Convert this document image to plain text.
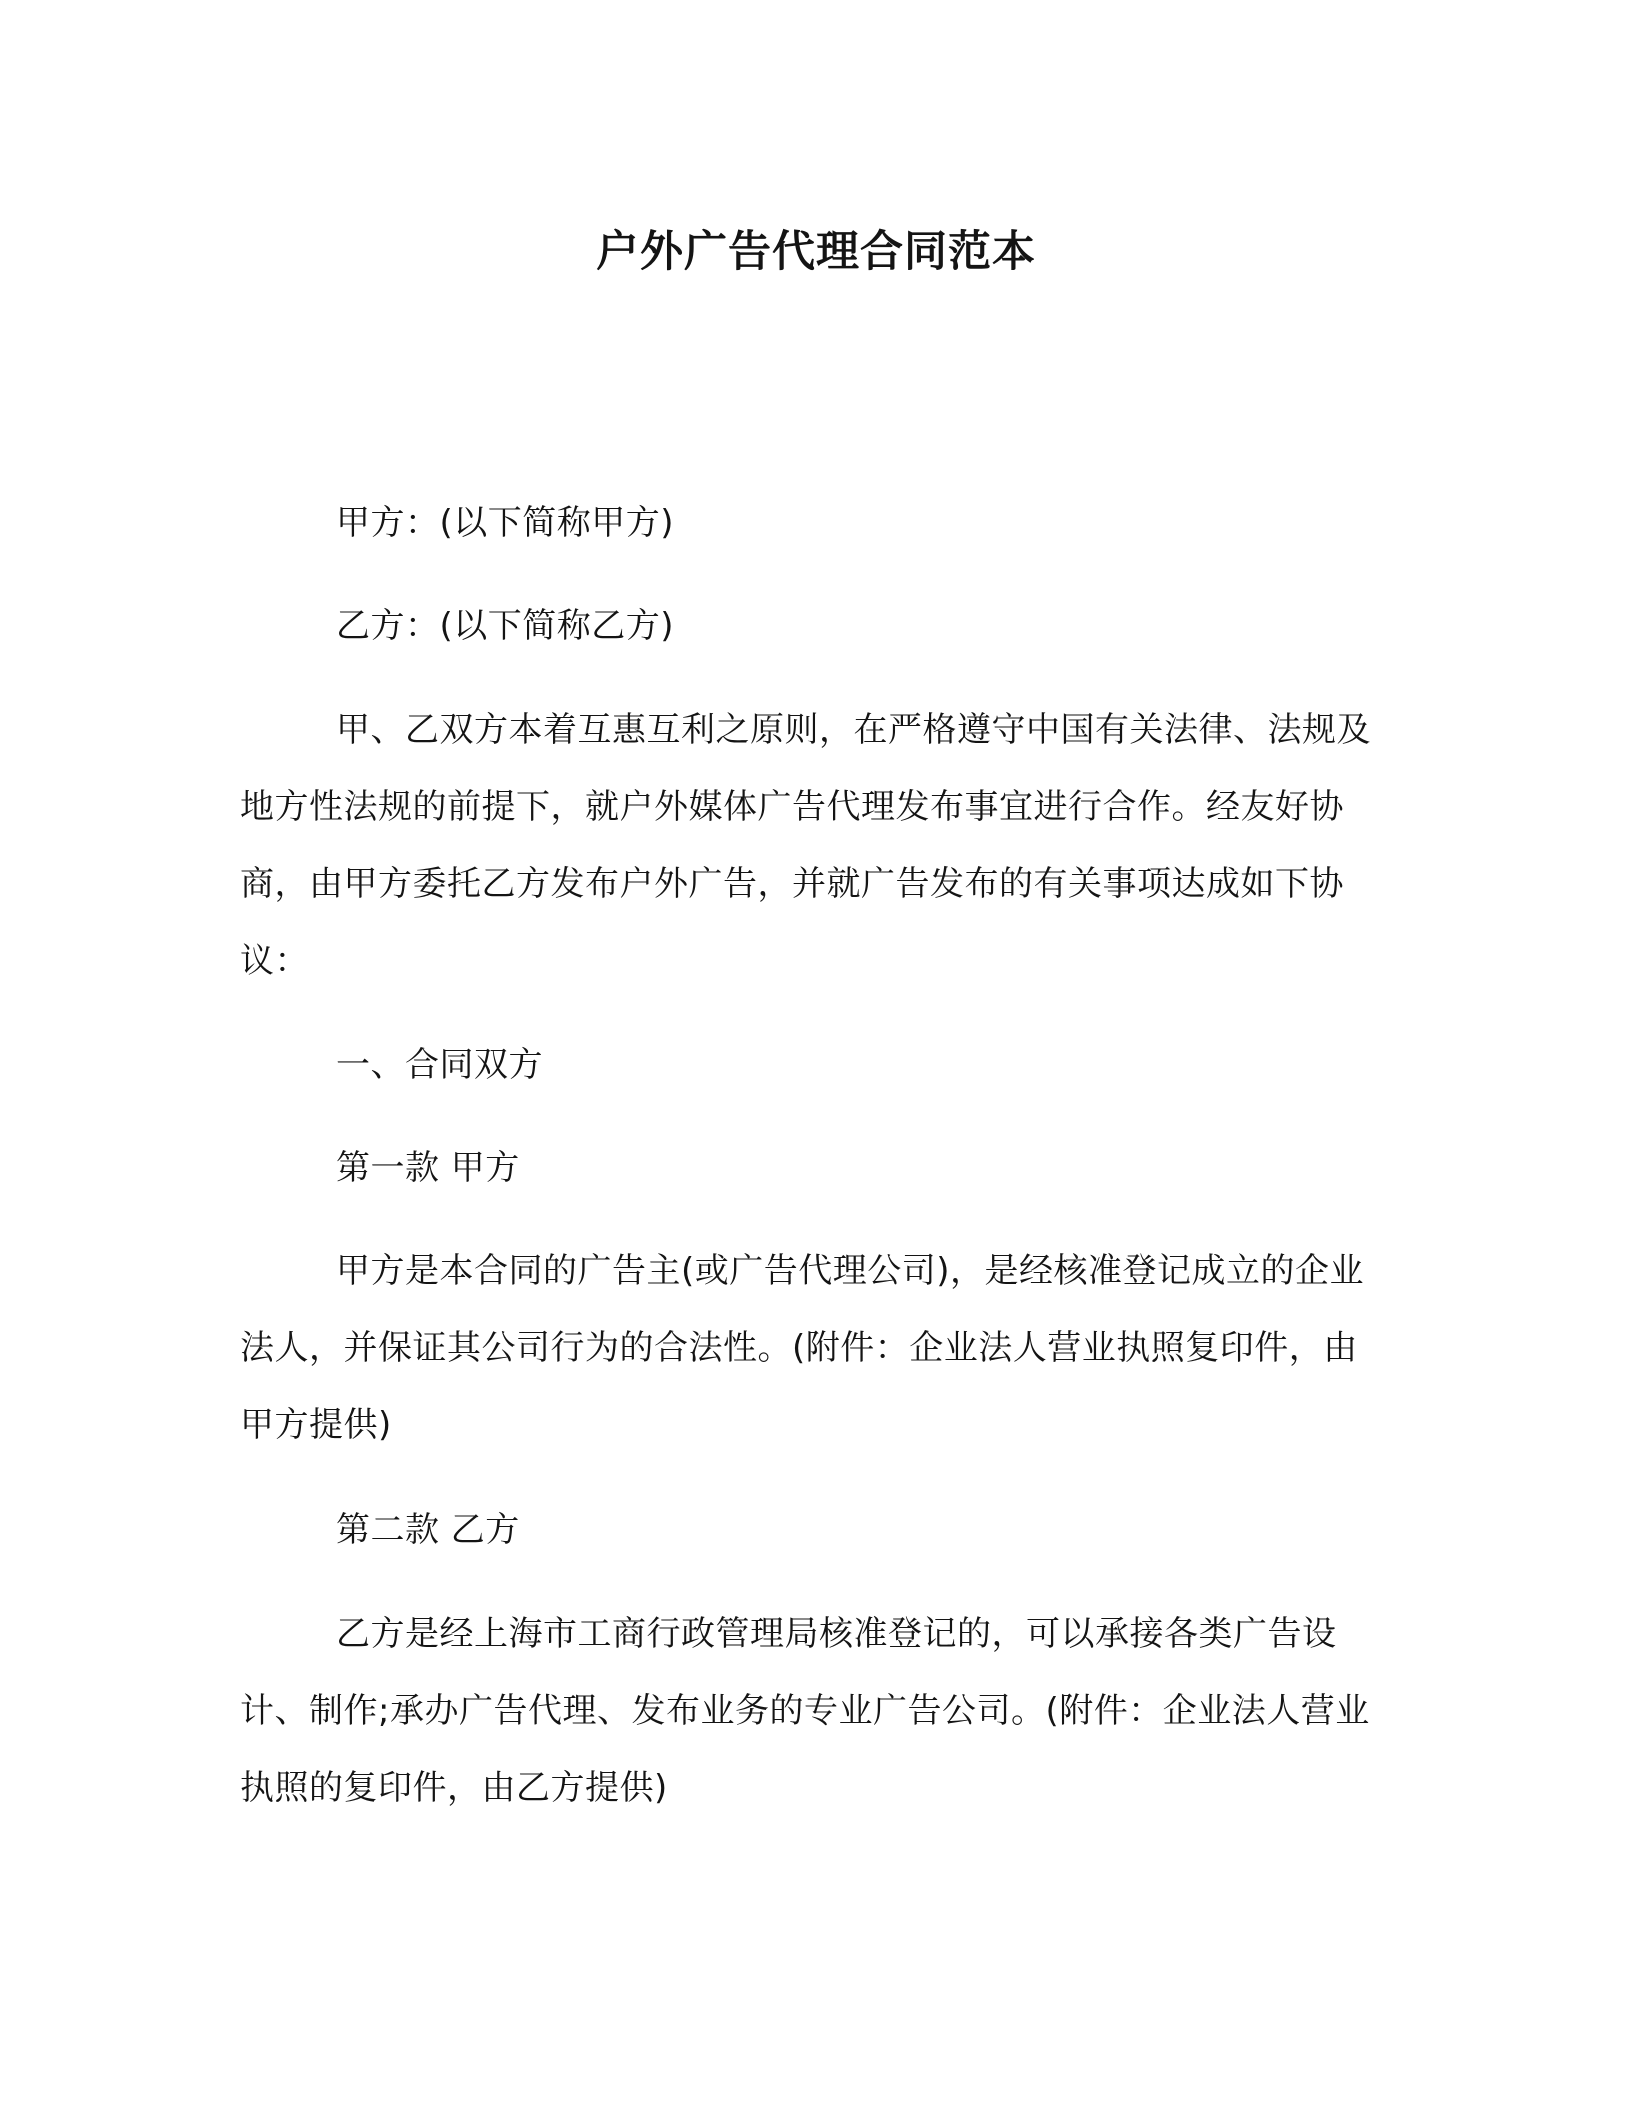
户外广告代理合同范本

甲方：(以下简称甲方)

乙方：(以下简称乙方)

甲、乙双方本着互惠互利之原则，在严格遵守中国有关法律、法规及地方性法规的前提下，就户外媒体广告代理发布事宜进行合作。经友好协商，由甲方委托乙方发布户外广告，并就广告发布的有关事项达成如下协议：

一、合同双方

第一款 甲方

甲方是本合同的广告主(或广告代理公司)，是经核准登记成立的企业法人，并保证其公司行为的合法性。(附件：企业法人营业执照复印件，由甲方提供)

第二款 乙方

乙方是经上海市工商行政管理局核准登记的，可以承接各类广告设计、制作;承办广告代理、发布业务的专业广告公司。(附件：企业法人营业执照的复印件，由乙方提供)
